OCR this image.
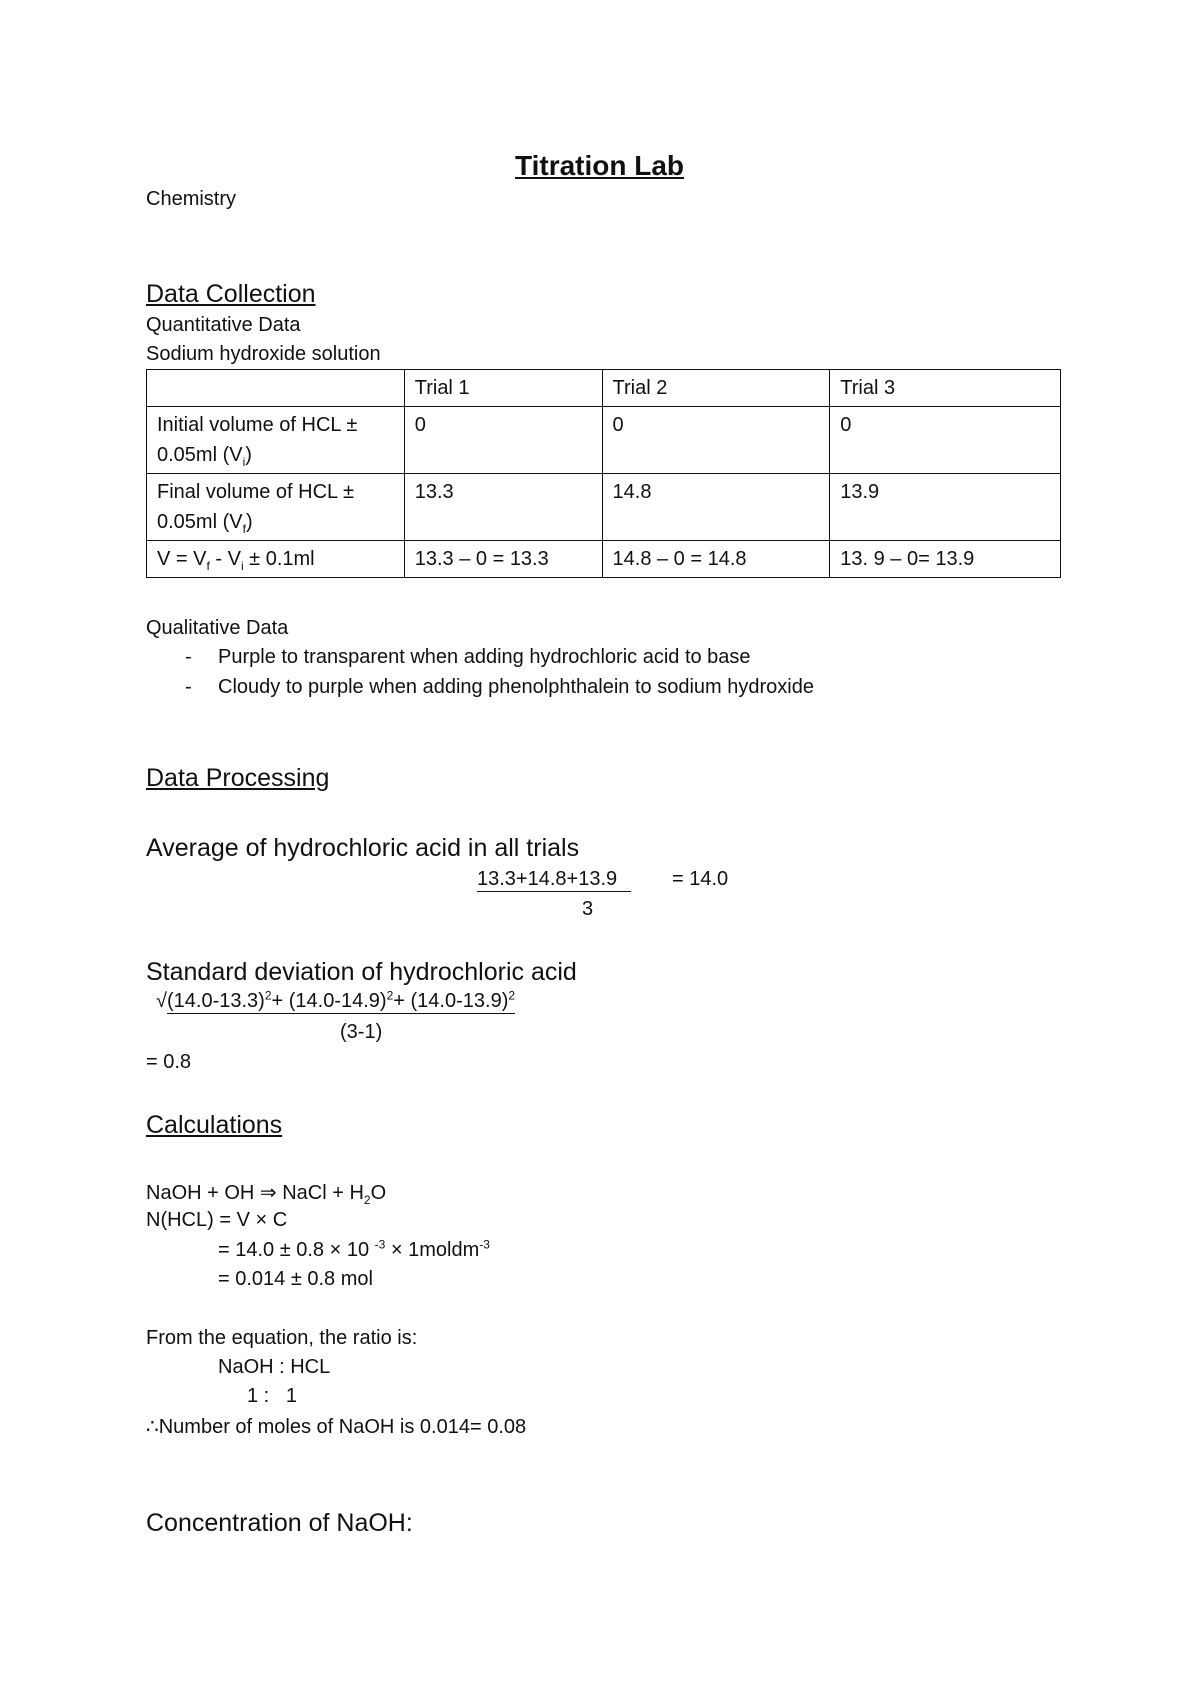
Titration Lab
Chemistry
Data Collection
Quantitative Data
Sodium hydroxide solution
	Trial 1	Trial 2	Trial 3
Initial volume of HCL ±
0.05ml $(V_i)$	0	0	0
Final volume of HCL ±
0.05ml $(V_f)$	13.3	14.8	13.9
$V = V_f - V_i \pm 0.1ml$	13.3 – 0 = 13.3	14.8 – 0 = 14.8	13. 9 – 0= 13.9
Qualitative Data
- Purple to transparent when adding hydrochloric acid to base
- Cloudy to purple when adding phenolphthalein to sodium hydroxide
Data Processing
Average of hydrochloric acid in all trials
13.3+14.8+13.9	= 14.0
3
Standard deviation of hydrochloric acid
$√(14.0-13.3)^2+ (14.0-14.9)^2+ (14.0-13.9)^2$
(3-1)
= 0.8
Calculations
NaOH + OH ⇒ NaCl + $H_2O$
N(HCL) = V × C
= 14.0 ± 0.8 × 10 $^{-3}$ × 1moldm$^{-3}$
= 0.014 ± 0.8 mol
From the equation, the ratio is:
NaOH : HCL
1 :   1
∴Number of moles of NaOH is 0.014= 0.08
Concentration of NaOH:
